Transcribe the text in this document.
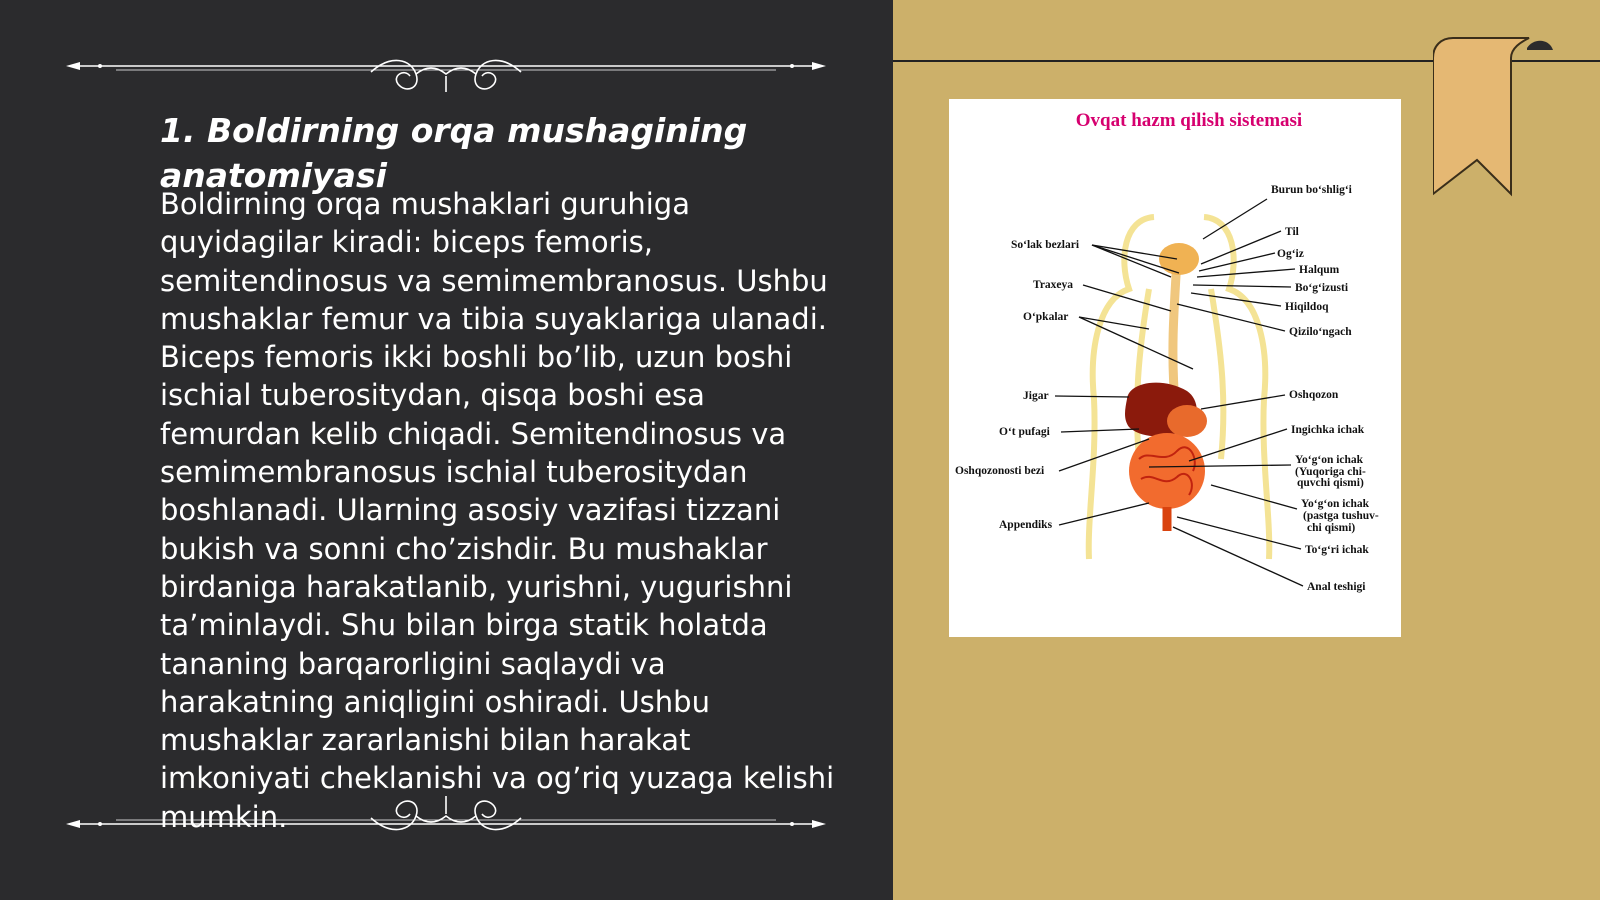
1. Boldirning orqa mushagining anatomiyasi

Boldirning orqa mushaklari guruhiga quyidagilar kiradi: biceps femoris, semitendinosus va semimembranosus. Ushbu mushaklar femur va tibia suyaklariga ulanadi. Biceps femoris ikki boshli bo’lib, uzun boshi ischial tuberositydan, qisqa boshi esa femurdan kelib chiqadi. Semitendinosus va semimembranosus ischial tuberositydan boshlanadi. Ularning asosiy vazifasi tizzani bukish va sonni cho’zishdir. Bu mushaklar birdaniga harakatlanib, yurishni, yugurishni ta’minlaydi. Shu bilan birga statik holatda tananing barqarorligini saqlaydi va harakatning aniqligini oshiradi. Ushbu mushaklar zararlanishi bilan harakat imkoniyati cheklanishi va og’riq yuzaga kelishi mumkin.

Ovqat hazm qilish sistemasi
So‘lak bezlari
Traxeya
O‘pkalar
Jigar
O‘t pufagi
Oshqozonosti bezi
Appendiks
Burun bo‘shlig‘i
Til
Og‘iz
Halqum
Bo‘g‘izusti
Hiqildoq
Qizilo‘ngach
Oshqozon
Ingichka ichak
Yo‘g‘on ichak
(Yuqoriga chi-
quvchi qismi)
Yo‘g‘on ichak
(pastga tushuv-
chi qismi)
To‘g‘ri ichak
Anal teshigi
